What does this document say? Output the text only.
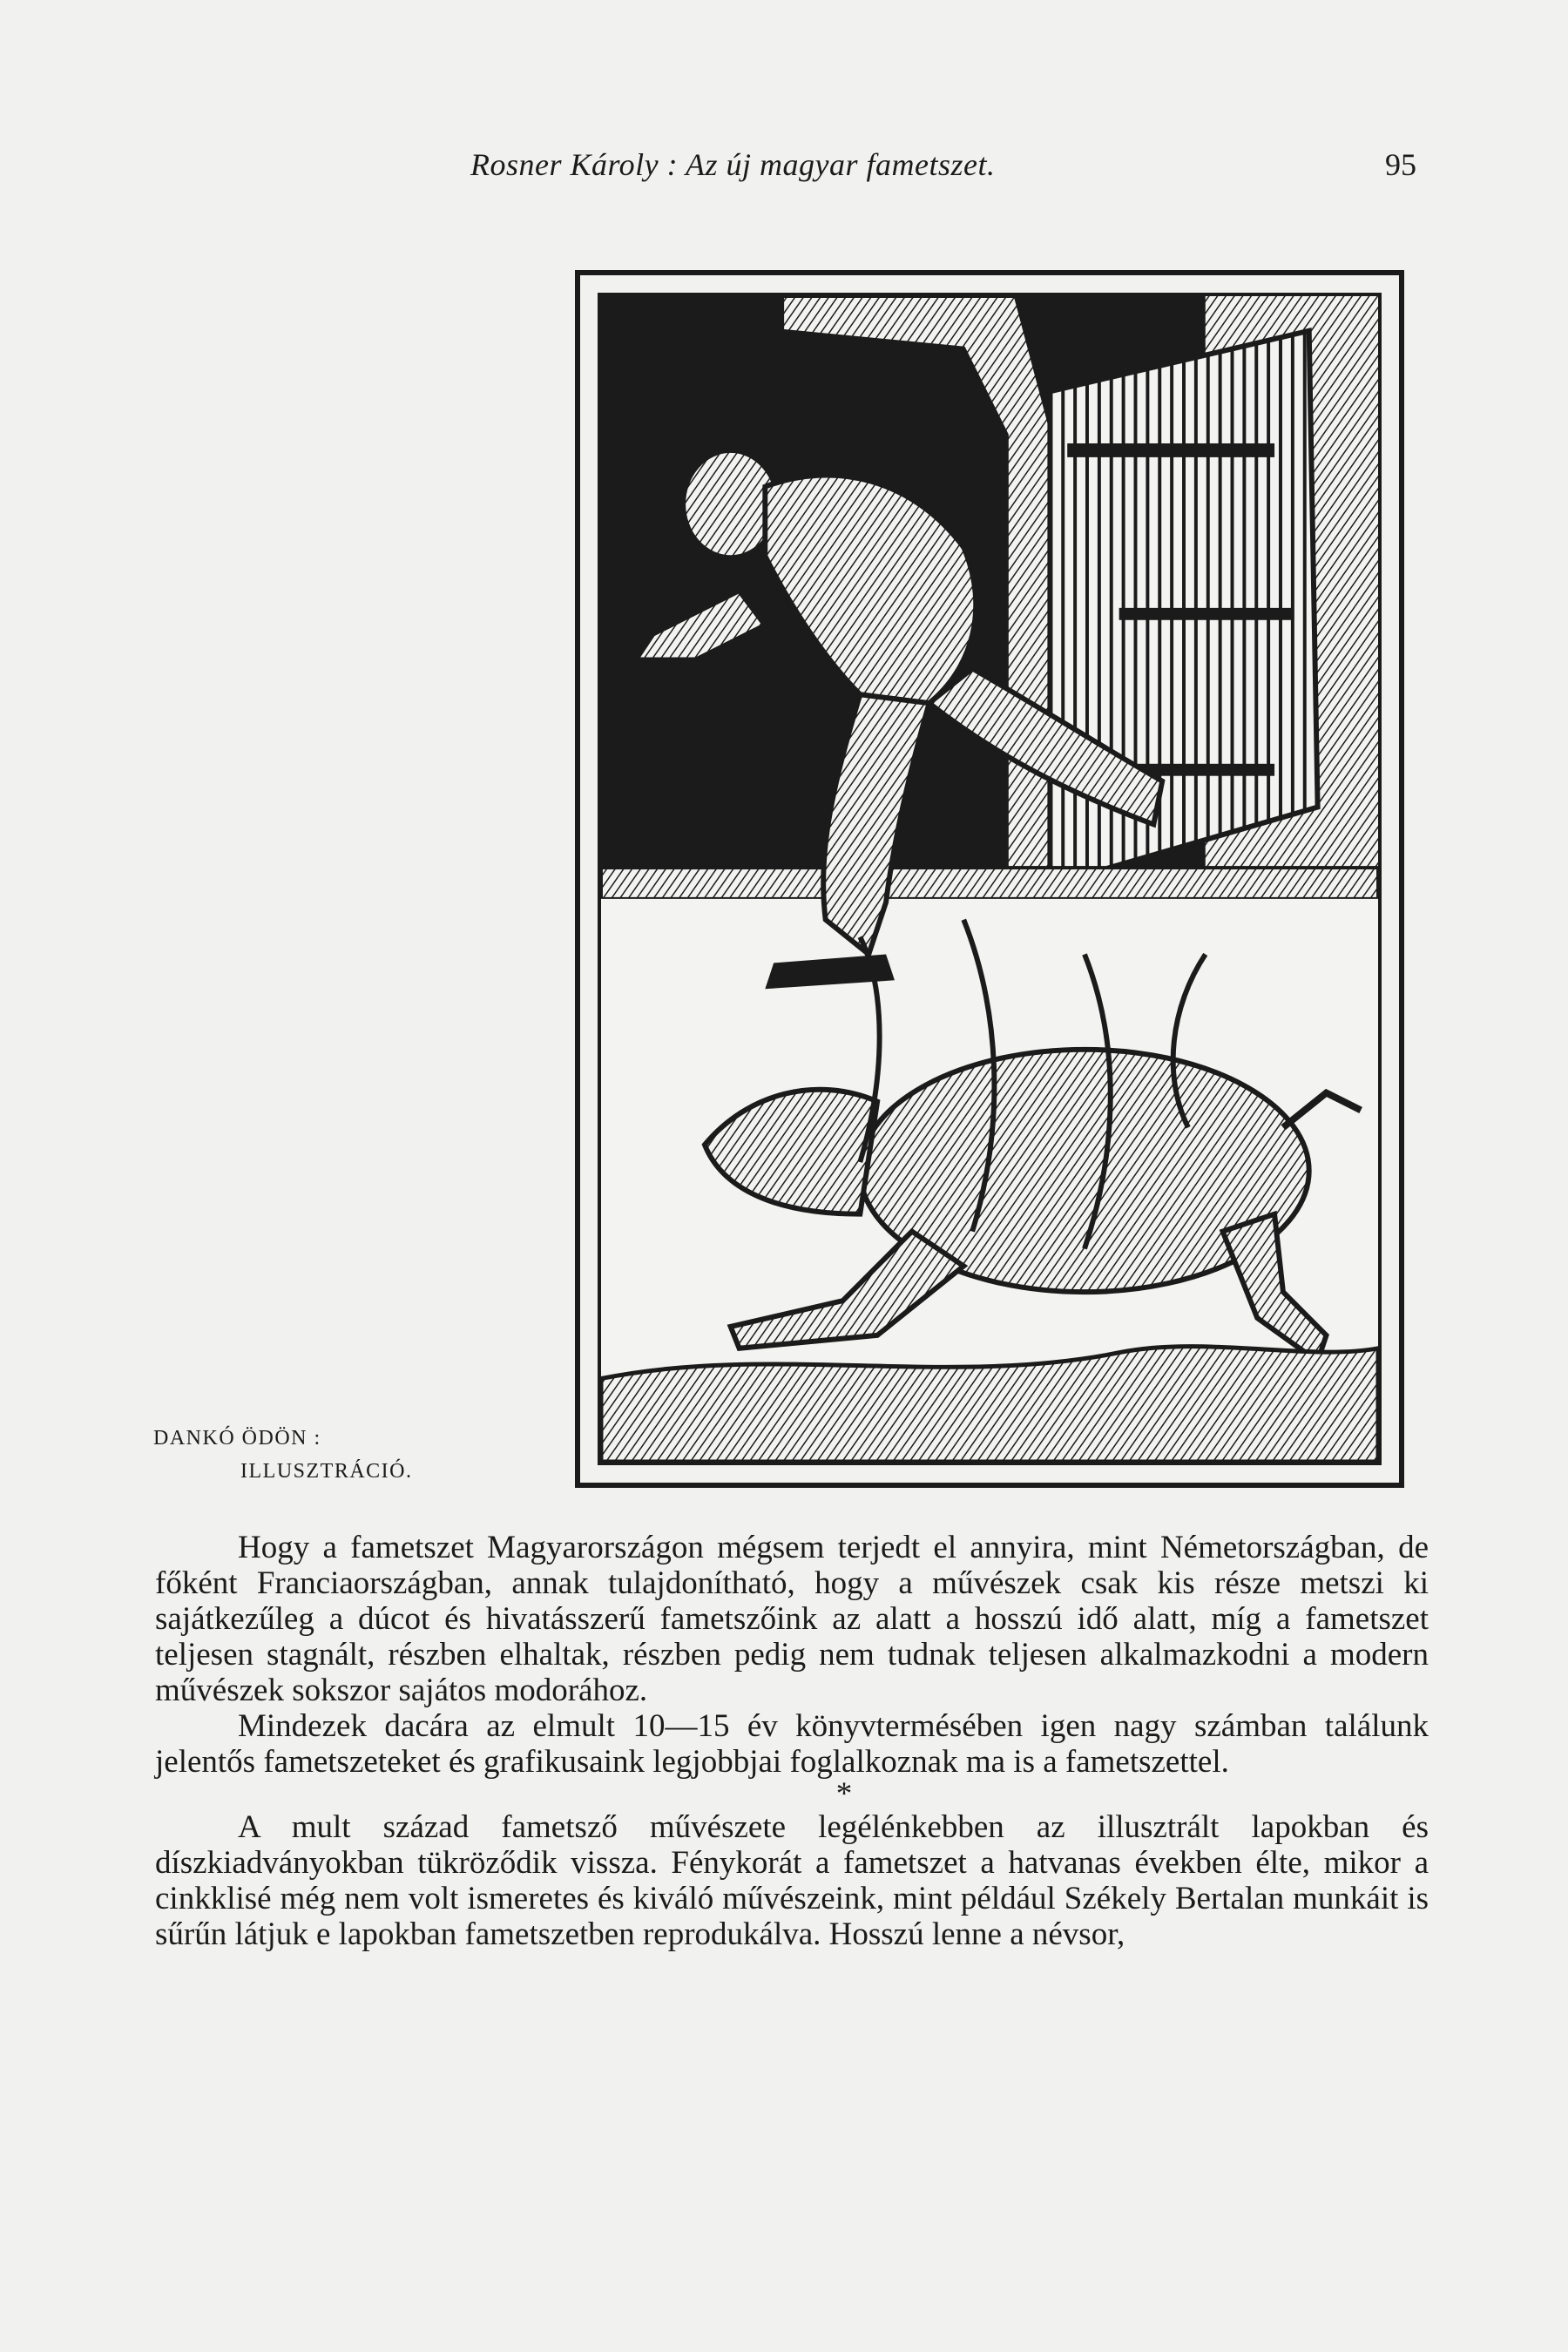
Rosner Károly : Az új magyar fametszet.	95
DANKÓ ÖDÖN :
ILLUSZTRÁCIÓ.

Hogy a fametszet Magyarországon mégsem terjedt el annyira, mint Németországban, de főként Franciaországban, annak tulajdonítható, hogy a művészek csak kis része metszi ki sajátkezűleg a dúcot és hivatásszerű fametszőink az alatt a hosszú idő alatt, míg a fametszet teljesen stagnált, részben elhaltak, részben pedig nem tudnak teljesen alkalmazkodni a modern művészek sokszor sajátos modorához.

Mindezek dacára az elmult 10—15 év könyvtermésében igen nagy számban találunk jelentős fametszeteket és grafikusaink legjobbjai foglalkoznak ma is a fametszettel.

*

A mult század fametsző művészete legélénkebben az illusztrált lapokban és díszkiadványokban tükröződik vissza. Fénykorát a fametszet a hatvanas években élte, mikor a cinkklisé még nem volt ismeretes és kiváló művészeink, mint például Székely Bertalan munkáit is sűrűn látjuk e lapokban fametszetben reprodukálva. Hosszú lenne a névsor,
